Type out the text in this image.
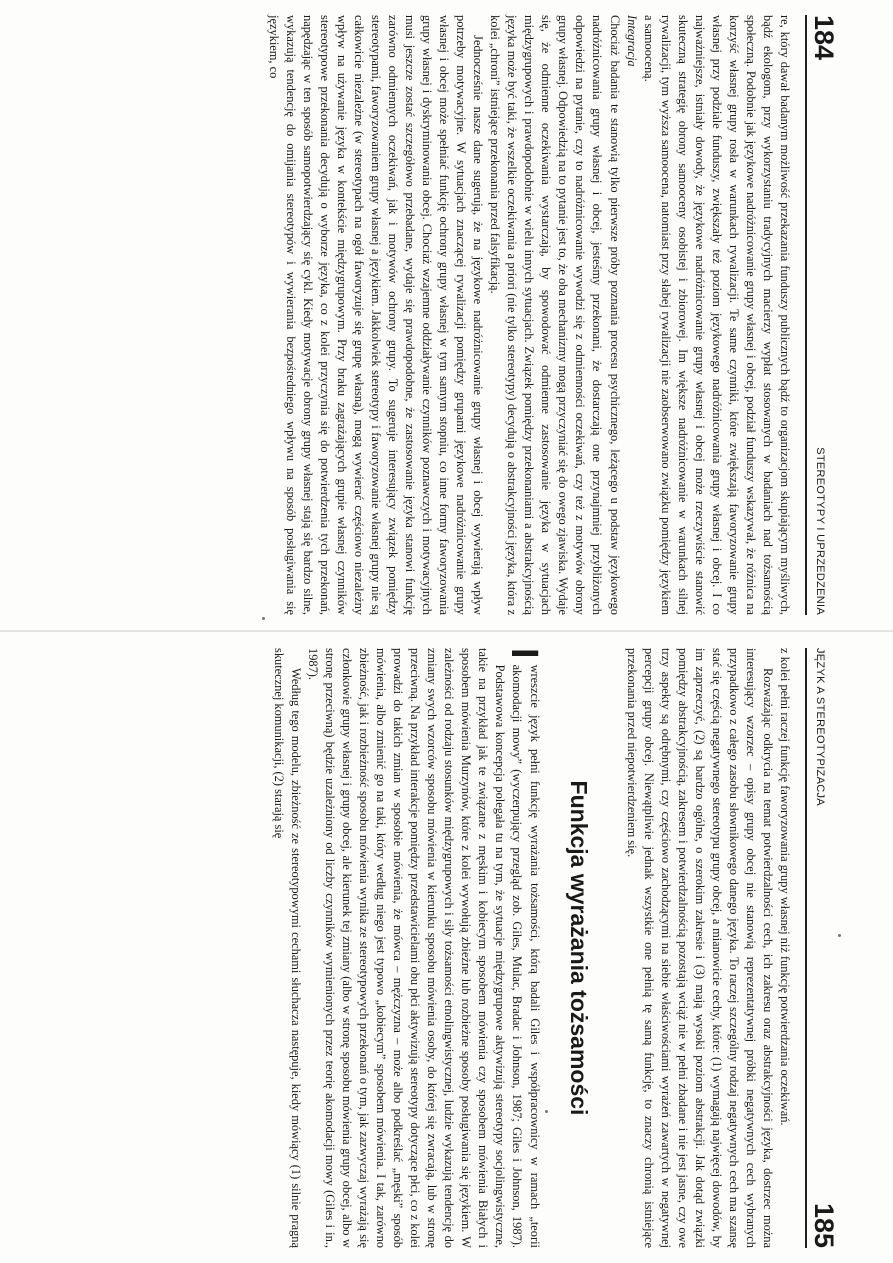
184
STEREOTYPY I UPRZEDZENIA

re, który dawał badanym możliwość przekazania funduszy publicznych bądź to organizacjom skupiającym myśliwych, bądź ekologom, przy wykorzystaniu tradycyjnych macierzy wypłat stosowanych w badaniach nad tożsamością społeczną. Podobnie jak językowe nadróżnicowanie grupy własnej i obcej, podział funduszy wskazywał, że różnica na korzyść własnej grupy rosła w warunkach rywalizacji. Te same czynniki, które zwiększają faworyzowanie grupy własnej przy podziale funduszy, zwiększały też poziom językowego nadróżnicowania grupy własnej i obcej. I co najważniejsze, istniały dowody, że językowe nadróżnicowanie grupy własnej i obcej może rzeczywiście stanowić skuteczną strategię obrony samooceny osobistej i zbiorowej. Im większe nadróżnicowanie w warunkach silnej rywalizacji, tym wyższa samoocena, natomiast przy słabej rywalizacji nie zaobserwowano związku pomiędzy językiem a samooceną.

Integracja

Chociaż badania te stanowią tylko pierwsze próby poznania procesu psychicznego, leżącego u podstaw językowego nadróżnicowania grupy własnej i obcej, jesteśmy przekonani, że dostarczają one przynajmniej przybliżonych odpowiedzi na pytanie, czy to nadróżnicowanie wywodzi się z odmienności oczekiwań, czy też z motywów obrony grupy własnej. Odpowiedzią na to pytanie jest to, że oba mechanizmy mogą przyczyniać się do owego zjawiska. Wydaje się, że odmienne oczekiwania wystarczają, by spowodować odmienne zastosowanie języka w sytuacjach międzygrupowych i prawdopodobnie w wielu innych sytuacjach. Związek pomiędzy przekonaniami a abstrakcyjnością języka może być taki, że wszelkie oczekiwania a priori (nie tylko stereotypy) decydują o abstrakcyjności języka, która z kolei „chroni” istniejące przekonania przed falsyfikacją.

Jednocześnie nasze dane sugerują, że na językowe nadróżnicowanie grupy własnej i obcej wywierają wpływ potrzeby motywacyjne. W sytuacjach znaczącej rywalizacji pomiędzy grupami językowe nadróżnicowanie grupy własnej i obcej może spełniać funkcję ochrony grupy własnej w tym samym stopniu, co inne formy faworyzowania grupy własnej i dyskryminowania obcej. Chociaż wzajemne oddziaływanie czynników poznawczych i motywacyjnych musi jeszcze zostać szczegółowo przebadane, wydaje się prawdopodobne, że zastosowanie języka stanowi funkcję zarówno odmiennych oczekiwań, jak i motywów ochrony grupy. To sugeruje interesujący związek pomiędzy stereotypami, faworyzowaniem grupy własnej a językiem. Jakkolwiek stereotypy i faworyzowanie własnej grupy nie są całkowicie niezależne (w stereotypach na ogół faworyzuje się grupę własną), mogą wywierać częściowo niezależny wpływ na używanie języka w kontekście międzygrupowym. Przy braku zagrażających grupie własnej czynników stereotypowe przekonania decydują o wyborze języka, co z kolei przyczynia się do potwierdzenia tych przekonań, napędzając w ten sposób samopotwierdzający się cykl. Kiedy motywacje obrony grupy własnej stają się bardzo silne, wykazują tendencję do omijania stereotypów i wywierania bezpośredniego wpływu na sposób posługiwania się językiem, co

JĘZYK A STEREOTYPIZACJA
185

z kolei pełni raczej funkcję faworyzowania grupy własnej niż funkcję potwierdzania oczekiwań.

Rozważając odkrycia na temat potwierdzalności cech, ich zakresu oraz abstrakcyjności języka, dostrzec można interesujący wzorzec – opisy grupy obcej nie stanowią reprezentatywnej próbki negatywnych cech wybranych przypadkowo z całego zasobu słownikowego danego języka. To raczej szczególny rodzaj negatywnych cech ma szansę stać się częścią negatywnego stereotypu grupy obcej, a mianowicie cechy, które: (1) wymagają najwięcej dowodów, by im zaprzeczyć, (2) są bardzo ogólne, o szerokim zakresie i (3) mają wysoki poziom abstrakcji. Jak dotąd związki pomiędzy abstrakcyjnością, zakresem i potwierdzalnością pozostają wciąż nie w pełni zbadane i nie jest jasne, czy owe trzy aspekty są odrębnymi, czy częściowo zachodzącymi na siebie właściwościami wyrażeń zawartych w negatywnej percepcji grupy obcej. Niewątpliwie jednak wszystkie one pełnią tę samą funkcję, to znaczy chronią istniejące przekonania przed niepotwierdzeniem się.

Funkcja wyrażania tożsamości

I
wreszcie język pełni funkcję wyrażania tożsamości, którą badali Giles i współpracownicy w ramach „teorii akomodacji mowy” (wyczerpujący przegląd zob. Giles, Mulac, Bradac i Johnson, 1987; Giles i Johnson, 1987). Podstawowa koncepcja polegała tu na tym, że sytuacje międzygrupowe aktywizują stereotypy socjolingwistyczne, takie na przykład jak te związane z męskim i kobiecym sposobem mówienia czy sposobem mówienia Białych i sposobem mówienia Murzynów, które z kolei wywołują zbieżne lub rozbieżne sposoby posługiwania się językiem. W zależności od rodzaju stosunków międzygrupowych i siły tożsamości etnolingwistycznej, ludzie wykazują tendencję do zmiany swych wzorców sposobu mówienia w kierunku sposobu mówienia osoby, do której się zwracają, lub w stronę przeciwną. Na przykład interakcje pomiędzy przedstawicielami obu płci aktywizują stereotypy dotyczące płci, co z kolei prowadzi do takich zmian w sposobie mówienia, że mówca – mężczyzna – może albo podkreślać „męski” sposób mówienia, albo zmienić go na taki, który według niego jest typowo „kobiecym” sposobem mówienia. I tak, zarówno zbieżność, jak i rozbieżność sposobu mówienia wynika ze stereotypowych przekonań o tym, jak zazwyczaj wyrażają się członkowie grupy własnej i grupy obcej, ale kierunek tej zmiany (albo w stronę sposobu mówienia grupy obcej, albo w stronę przeciwną) będzie uzależniony od liczby czynników wymienionych przez teorię akomodacji mowy (Giles i in., 1987).

Według tego modelu, zbieżność ze stereotypowymi cechami słuchacza następuje, kiedy mówiący (1) silnie pragną skutecznej komunikacji, (2) starają się
